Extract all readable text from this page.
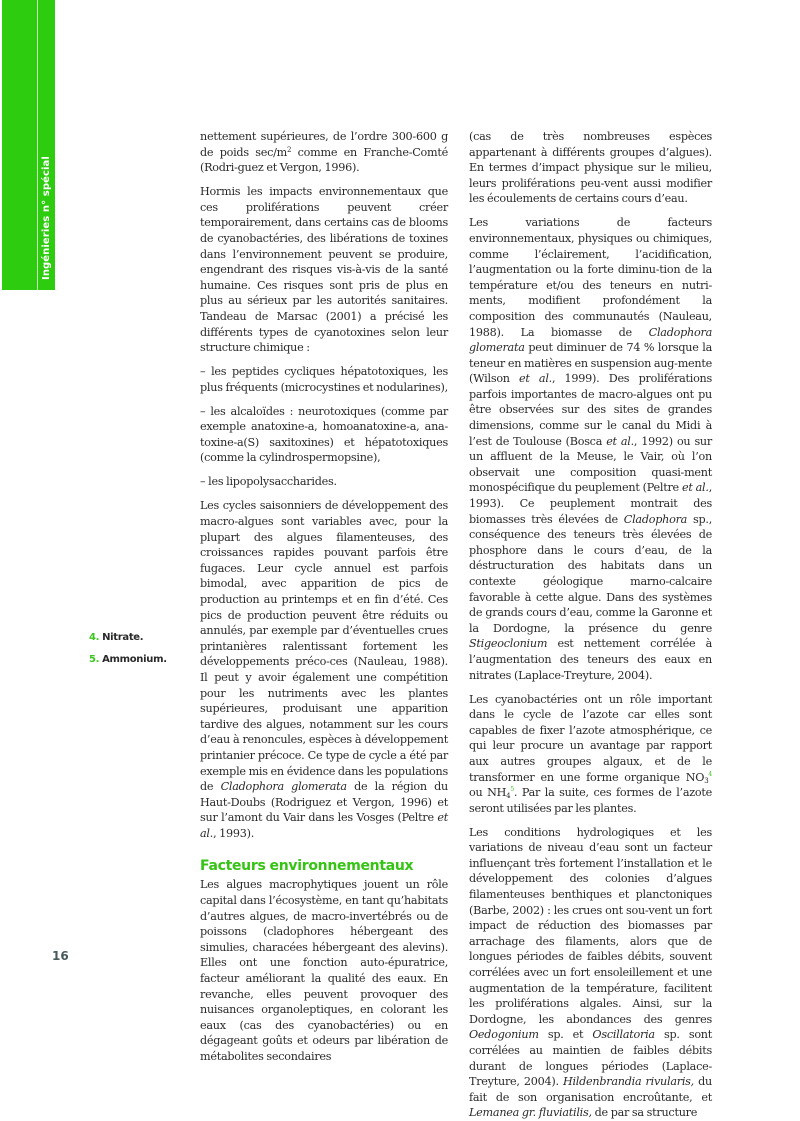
Ingénieries n° spécial
4. Nitrate.
5. Ammonium.

nettement supérieures, de l’ordre 300-600 g de poids $\sec/m^2$ comme en Franche-Comté (Rodri-guez et Vergon, 1996).

Hormis les impacts environnementaux que ces proliférations peuvent créer temporairement, dans certains cas de blooms de cyanobactéries, des libérations de toxines dans l’environnement peuvent se produire, engendrant des risques vis-à-vis de la santé humaine. Ces risques sont pris de plus en plus au sérieux par les autorités sanitaires. Tandeau de Marsac (2001) a précisé les différents types de cyanotoxines selon leur structure chimique :

– les peptides cycliques hépatotoxiques, les plus fréquents (microcystines et nodularines),

– les alcaloïdes : neurotoxiques (comme par exemple anatoxine-a, homoanatoxine-a, ana-toxine-a(S) saxitoxines) et hépatotoxiques (comme la cylindrospermopsine),

– les lipopolysaccharides.

Les cycles saisonniers de développement des macro-algues sont variables avec, pour la plupart des algues filamenteuses, des croissances rapides pouvant parfois être fugaces. Leur cycle annuel est parfois bimodal, avec apparition de pics de production au printemps et en fin d’été. Ces pics de production peuvent être réduits ou annulés, par exemple par d’éventuelles crues printanières ralentissant fortement les développements préco-ces (Nauleau, 1988). Il peut y avoir également une compétition pour les nutriments avec les plantes supérieures, produisant une apparition tardive des algues, notamment sur les cours d’eau à renoncules, espèces à développement printanier précoce. Ce type de cycle a été par exemple mis en évidence dans les populations de Cladophora glomerata de la région du Haut-Doubs (Rodriguez et Vergon, 1996) et sur l’amont du Vair dans les Vosges (Peltre et al., 1993).

Facteurs environnementaux

Les algues macrophytiques jouent un rôle capital dans l’écosystème, en tant qu’habitats d’autres algues, de macro-invertébrés ou de poissons (cladophores hébergeant des simulies, characées hébergeant des alevins). Elles ont une fonction auto-épuratrice, facteur améliorant la qualité des eaux. En revanche, elles peuvent provoquer des nuisances organoleptiques, en colorant les eaux (cas des cyanobactéries) ou en dégageant goûts et odeurs par libération de métabolites secondaires

(cas de très nombreuses espèces appartenant à différents groupes d’algues). En termes d’impact physique sur le milieu, leurs proliférations peu-vent aussi modifier les écoulements de certains cours d’eau.

Les variations de facteurs environnementaux, physiques ou chimiques, comme l’éclairement, l’acidification, l’augmentation ou la forte diminu-tion de la température et/ou des teneurs en nutri-ments, modifient profondément la composition des communautés (Nauleau, 1988). La biomasse de Cladophora glomerata peut diminuer de 74 % lorsque la teneur en matières en suspension aug-mente (Wilson et al., 1999). Des proliférations parfois importantes de macro-algues ont pu être observées sur des sites de grandes dimensions, comme sur le canal du Midi à l’est de Toulouse (Bosca et al., 1992) ou sur un affluent de la Meuse, le Vair, où l’on observait une composition quasi-ment monospécifique du peuplement (Peltre et al., 1993). Ce peuplement montrait des biomasses très élevées de Cladophora sp., conséquence des teneurs très élevées de phosphore dans le cours d’eau, de la déstructuration des habitats dans un contexte géologique marno-calcaire favorable à cette algue. Dans des systèmes de grands cours d’eau, comme la Garonne et la Dordogne, la présence du genre Stigeoclonium est nettement corrélée à l’augmentation des teneurs des eaux en nitrates (Laplace-Treyture, 2004).

Les cyanobactéries ont un rôle important dans le cycle de l’azote car elles sont capables de fixer l’azote atmosphérique, ce qui leur procure un avantage par rapport aux autres groupes algaux, et de le transformer en une forme organique $NO_3^4$ ou $NH_4^5$. Par la suite, ces formes de l’azote seront utilisées par les plantes.

Les conditions hydrologiques et les variations de niveau d’eau sont un facteur influençant très fortement l’installation et le développement des colonies d’algues filamenteuses benthiques et planctoniques (Barbe, 2002) : les crues ont sou-vent un fort impact de réduction des biomasses par arrachage des filaments, alors que de longues périodes de faibles débits, souvent corrélées avec un fort ensoleillement et une augmentation de la température, facilitent les proliférations algales. Ainsi, sur la Dordogne, les abondances des genres Oedogonium sp. et Oscillatoria sp. sont corrélées au maintien de faibles débits durant de longues périodes (Laplace-Treyture, 2004). Hildenbrandia rivularis, du fait de son organisation encroûtante, et Lemanea gr. fluviatilis, de par sa structure

16
